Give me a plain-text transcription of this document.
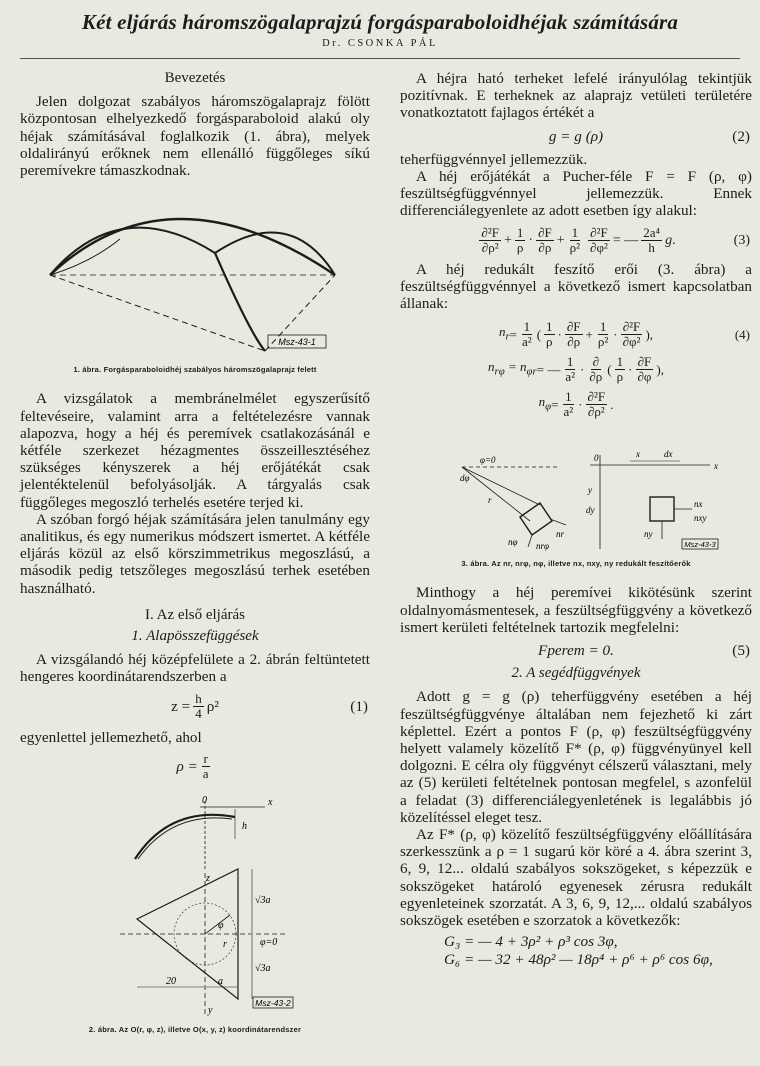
Két eljárás háromszögalaprajzú forgásparaboloidhéjak számítására
Dr. CSONKA PÁL
Bevezetés

Jelen dolgozat szabályos háromszögalaprajz fölött központosan elhelyezkedő forgásparaboloid alakú oly héjak számításával foglalkozik (1. ábra), melyek oldalirányú erőknek nem ellenálló függőleges síkú peremívekre támaszkodnak.

Msz-43-1
1. ábra. Forgásparaboloidhéj szabályos háromszögalaprajz felett

A vizsgálatok a membránelmélet egyszerűsítő feltevéseire, valamint arra a feltételezésre vannak alapozva, hogy a héj és peremívek csatlakozásánál e kétféle szerkezet hézagmentes összeillesztéséhez szükséges kényszerek a héj erőjátékát csak jelentéktelenül befolyásolják. A tárgyalás csak függőleges megoszló terhelés esetére terjed ki.

A szóban forgó héjak számítására jelen tanulmány egy analitikus, és egy numerikus módszert ismertet. A kétféle eljárás közül az első körszimmetrikus megoszlású, a második pedig tetszőleges megoszlású terhek esetében használható.

I. Az első eljárás
1. Alapösszefüggések

A vizsgálandó héj középfelülete a 2. ábrán feltüntetett hengeres koordinátarendszerben a

$z = \frac{h}{4} \rho^2$	(1)

egyenlettel jellemezhető, ahol

$\rho = \frac{r}{a}$
0	x
h
z
√3a
√3a
φ
r	φ=0
20	a
y
Msz-43-2
2. ábra. Az O(r, φ, z), illetve O(x, y, z) koordinátarendszer

A héjra ható terheket lefelé irányulólag tekintjük pozitívnak. E terheknek az alaprajz vetületi területére vonatkoztatott fajlagos értékét a

g = g (ρ)	(2)

teherfüggvénnyel jellemezzük.

A héj erőjátékát a Pucher-féle F = F (ρ, φ) feszültségfüggvénnyel jellemezzük. Ennek differenciálegyenlete az adott esetben így alakul:

$\frac{\text{∂²F}}{\text{∂ρ²}} + \frac{1}{\rho} \cdot \frac{\partial F}{\partial\rho} + \frac{1}{\text{ρ²}} \frac{\text{∂²F}}{\text{∂φ²}}$ = — $\frac{\text{2a⁴}}{h}$ g .	(3)

A héj redukált feszítő erői (3. ábra) a feszültségfüggvénnyel a következő ismert kapcsolatban állanak:

$n_r = \frac{1}{\text{a²}}$ ( $\frac{1}{\rho} \cdot \frac{\partial F}{\partial\rho} + \frac{1}{\text{ρ²}} \cdot \frac{\text{∂²F}}{\text{∂φ²}}$ ),	(4)
$n_{r\varphi} = n_{\varphi r}$ = — $\frac{1}{\text{a²}} \cdot \frac{\partial}{\partial\rho}$ ( $\frac{1}{\rho} \cdot \frac{\partial F}{\partial\varphi}$ ),
$n_\varphi = \frac{1}{\text{a²}} \cdot \frac{\text{∂²F}}{\text{∂ρ²}}$ .
φ=0
dφ
r
nr
nφ nrφ
0	x	dx
x
y
dy
nx
nxy
ny
Msz-43-3
3. ábra. Az nr, nrφ, nφ, illetve nx, nxy, ny redukált feszítőerők

Minthogy a héj peremívei kikötésünk szerint oldalnyomásmentesek, a feszültségfüggvény a következő ismert kerületi feltételnek tartozik megfelelni:

Fperem = 0.	(5)
2. A segédfüggvények

Adott g = g (ρ) teherfüggvény esetében a héj feszültségfüggvénye általában nem fejezhető ki zárt képlettel. Ezért a pontos F (ρ, φ) feszültségfüggvény helyett valamely közelítő F* (ρ, φ) függvényünyel kell dolgozni. E célra oly függvényt célszerű választani, mely az (5) kerületi feltételnek pontosan megfelel, s azonfelül a feladat (3) differenciálegyenletének is legalábbis jó közelítéssel eleget tesz.

Az F* (ρ, φ) közelítő feszültségfüggvény előállítására szerkesszünk a ρ = 1 sugarú kör köré a 4. ábra szerint 3, 6, 9, 12... oldalú szabályos sokszögeket, s képezzük e sokszögeket határoló egyenesek zérusra redukált egyenleteinek szorzatát. A 3, 6, 9, 12,... oldalú szabályos sokszögek esetében e szorzatok a következők:

G₃ = — 4 + 3ρ² + ρ³ cos 3φ,
G₆ = — 32 + 48ρ² — 18ρ⁴ + ρ⁶ + ρ⁶ cos 6φ,
